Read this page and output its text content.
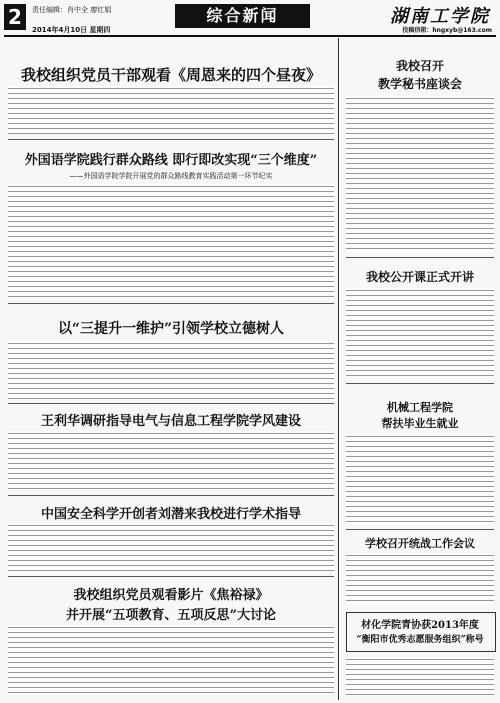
2	责任编辑：肖中全 廖红娟
2014年4月10日 星期四
综合新闻	湖南工学院
投稿信箱：hngxyb@163.com
我校组织党员干部观看《周恩来的四个昼夜》
外国语学院践行群众路线 即行即改实现“三个维度”
——外国语学院学院开展党的群众路线教育实践活动第一环节纪实
以“三提升一维护”引领学校立德树人
王利华调研指导电气与信息工程学院学风建设
中国安全科学开创者刘潜来我校进行学术指导
我校组织党员观看影片《焦裕禄》
并开展“五项教育、五项反思”大讨论
我校召开
教学秘书座谈会
我校公开课正式开讲
机械工程学院
帮扶毕业生就业
学校召开统战工作会议
材化学院青协获2013年度
“衡阳市优秀志愿服务组织”称号
